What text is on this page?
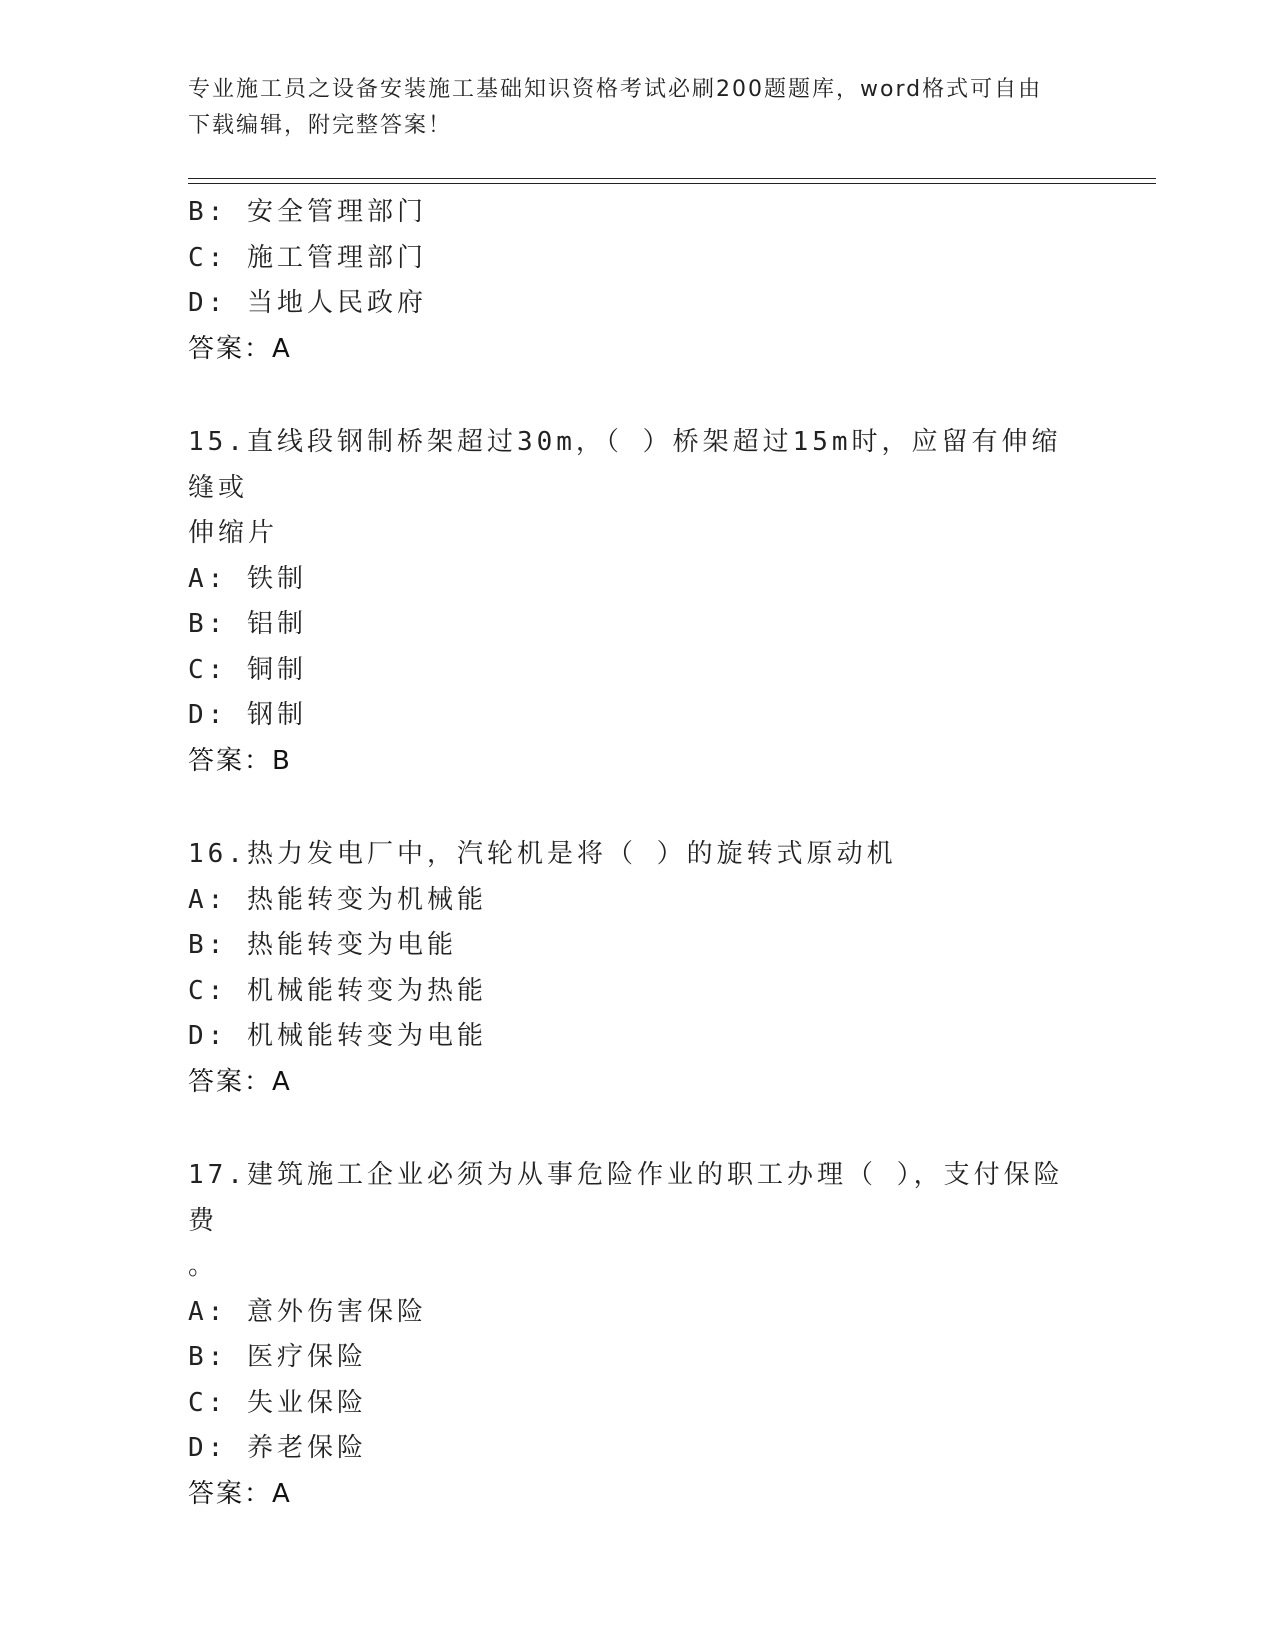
专业施工员之设备安装施工基础知识资格考试必刷200题题库，word格式可自由
下载编辑，附完整答案！
B: 安全管理部门
C: 施工管理部门
D: 当地人民政府
答案：A
15.直线段钢制桥架超过30m，（ ）桥架超过15m时，应留有伸缩缝或
伸缩片
A: 铁制
B: 铝制
C: 铜制
D: 钢制
答案：B
16.热力发电厂中，汽轮机是将（ ）的旋转式原动机
A: 热能转变为机械能
B: 热能转变为电能
C: 机械能转变为热能
D: 机械能转变为电能
答案：A
17.建筑施工企业必须为从事危险作业的职工办理（ ），支付保险费
。
A: 意外伤害保险
B: 医疗保险
C: 失业保险
D: 养老保险
答案：A
